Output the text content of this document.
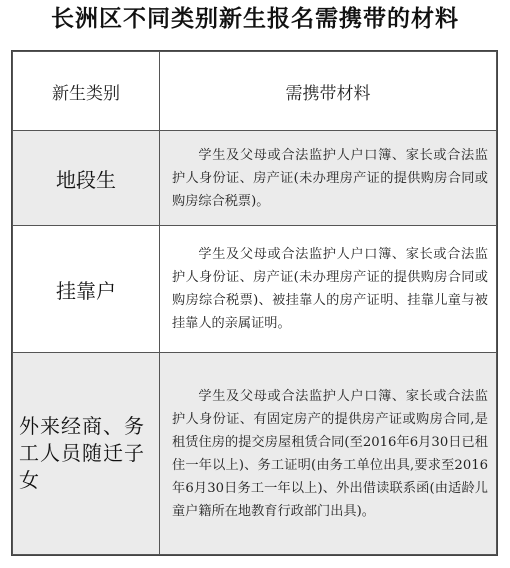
长洲区不同类别新生报名需携带的材料
新生类别	需携带材料
地段生	学生及父母或合法监护人户口簿、家长或合法监护人身份证、房产证(未办理房产证的提供购房合同或购房综合税票)。
挂靠户	学生及父母或合法监护人户口簿、家长或合法监护人身份证、房产证(未办理房产证的提供购房合同或购房综合税票)、被挂靠人的房产证明、挂靠儿童与被挂靠人的亲属证明。
外来经商、务工人员随迁子女	学生及父母或合法监护人户口簿、家长或合法监护人身份证、有固定房产的提供房产证或购房合同,是租赁住房的提交房屋租赁合同(至2016年6月30日已租住一年以上)、务工证明(由务工单位出具,要求至2016年6月30日务工一年以上)、外出借读联系函(由适龄儿童户籍所在地教育行政部门出具)。
